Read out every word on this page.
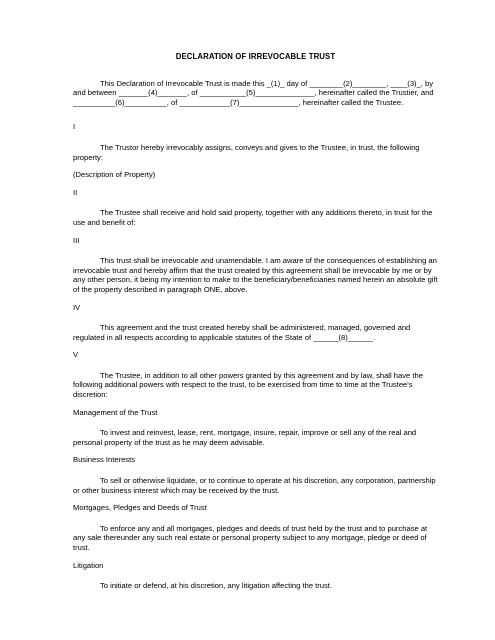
DECLARATION OF IRREVOCABLE TRUST

This Declaration of Irrevocable Trust is made this _(1)_ day of ________(2)________, ____(3)_, by and between _______(4)_______, of ___________(5)______________, hereinafter called the Trustier, and __________(6)__________, of ____________(7)______________, hereinafter called the Trustee.

I

The Trustor hereby irrevocably assigns, conveys and gives to the Trustee, in trust, the following property:

(Description of Property)

II

The Trustee shall receive and hold said property, together with any additions thereto, in trust for the use and benefit of:

III

This trust shall be irrevocable and unamendable. I am aware of the consequences of establishing an irrevocable trust and hereby affirm that the trust created by this agreement shall be irrevocable by me or by any other person, it being my intention to make to the beneficiary/beneficiaries named herein an absolute gift of the property described in paragraph ONE, above.

IV

This agreement and the trust created hereby shall be administered, managed, governed and regulated in all respects according to applicable statutes of the State of ______(8)______.

V

The Trustee, in addition to all other powers granted by this agreement and by law, shall have the following additional powers with respect to the trust, to be exercised from time to time at the Trustee's discretion:

Management of the Trust

To invest and reinvest, lease, rent, mortgage, insure, repair, improve or sell any of the real and personal property of the trust as he may deem advisable.

Business Interests

To sell or otherwise liquidate, or to continue to operate at his discretion, any corporation, partnership or other business interest which may be received by the trust.

Mortgages, Pledges and Deeds of Trust

To enforce any and all mortgages, pledges and deeds of trust held by the trust and to purchase at any sale thereunder any such real estate or personal property subject to any mortgage, pledge or deed of trust.

Litigation

To initiate or defend, at his discretion, any litigation affecting the trust.
